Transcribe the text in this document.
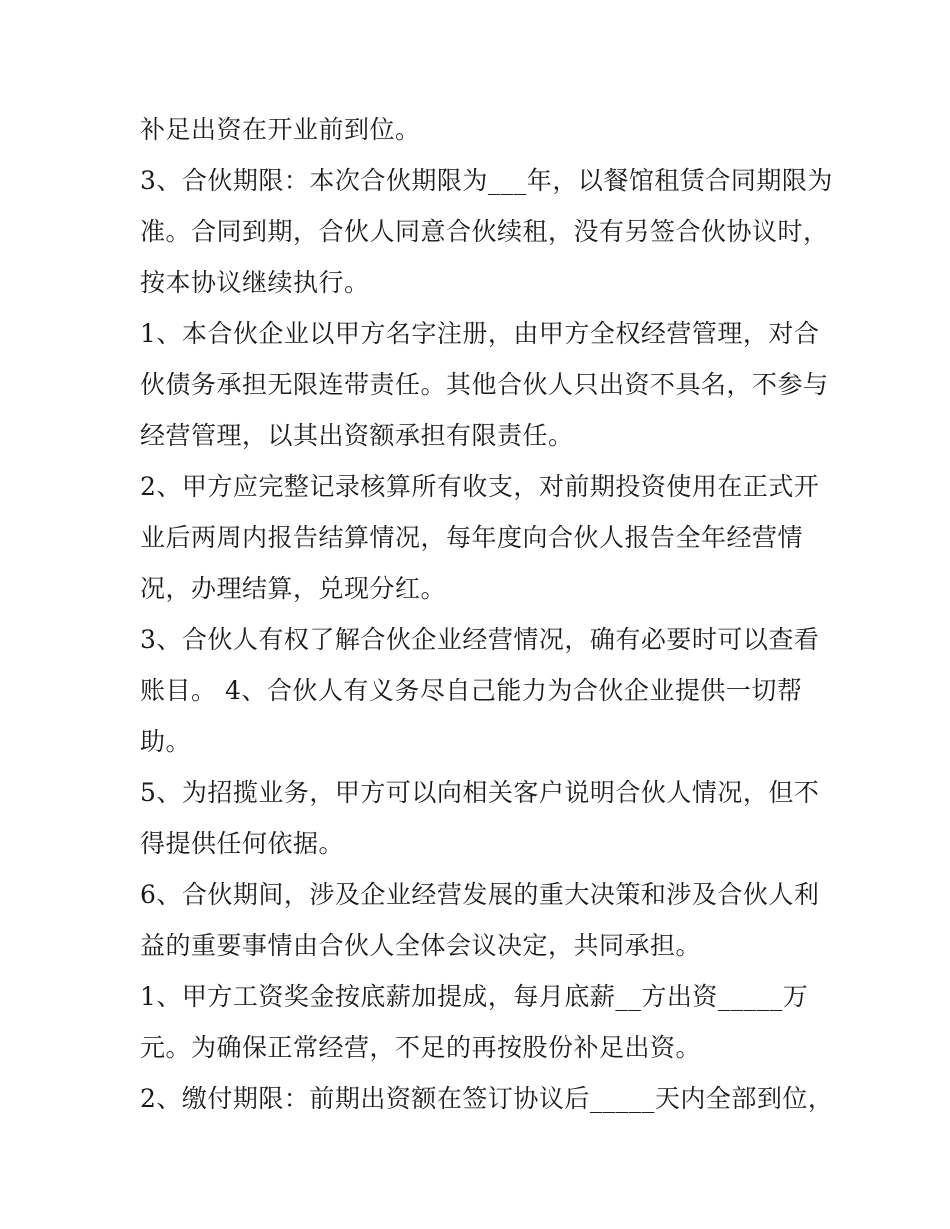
补足出资在开业前到位。
3、合伙期限：本次合伙期限为___年，以餐馆租赁合同期限为
准。合同到期，合伙人同意合伙续租，没有另签合伙协议时，
按本协议继续执行。
1、本合伙企业以甲方名字注册，由甲方全权经营管理，对合
伙债务承担无限连带责任。其他合伙人只出资不具名，不参与
经营管理，以其出资额承担有限责任。
2、甲方应完整记录核算所有收支，对前期投资使用在正式开
业后两周内报告结算情况，每年度向合伙人报告全年经营情
况，办理结算，兑现分红。
3、合伙人有权了解合伙企业经营情况，确有必要时可以查看
账目。 4、合伙人有义务尽自己能力为合伙企业提供一切帮
助。
5、为招揽业务，甲方可以向相关客户说明合伙人情况，但不
得提供任何依据。
6、合伙期间，涉及企业经营发展的重大决策和涉及合伙人利
益的重要事情由合伙人全体会议决定，共同承担。
1、甲方工资奖金按底薪加提成，每月底薪__方出资_____万
元。为确保正常经营，不足的再按股份补足出资。
2、缴付期限：前期出资额在签订协议后_____天内全部到位，
